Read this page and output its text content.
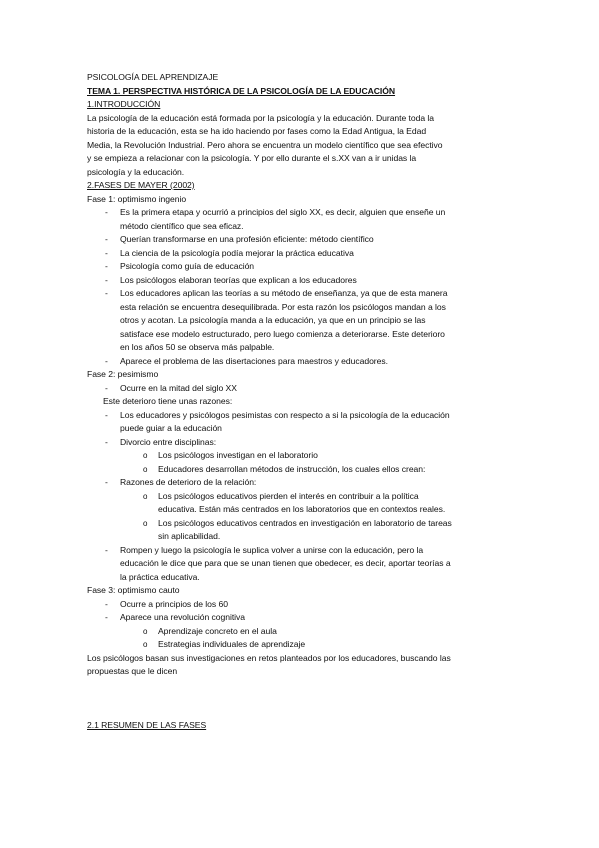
PSICOLOGÍA DEL APRENDIZAJE
TEMA 1. PERSPECTIVA HISTÓRICA DE LA PSICOLOGÍA DE LA EDUCACIÓN
1.INTRODUCCIÓN
La psicología de la educación está formada por la psicología y la educación. Durante toda la
historia de la educación, esta se ha ido haciendo por fases como la Edad Antigua, la Edad
Media, la Revolución Industrial. Pero ahora se encuentra un modelo científico que sea efectivo
y se empieza a relacionar con la psicología. Y por ello durante el s.XX van a ir unidas la
psicología y la educación.
2.FASES DE MAYER (2002)
Fase 1: optimismo ingenio
- Es la primera etapa y ocurrió a principios del siglo XX, es decir, alguien que enseñe un
método científico que sea eficaz.
- Querían transformarse en una profesión eficiente: método científico
- La ciencia de la psicología podía mejorar la práctica educativa
- Psicología como guía de educación
- Los psicólogos elaboran teorías que explican a los educadores
- Los educadores aplican las teorías a su método de enseñanza, ya que de esta manera
esta relación se encuentra desequilibrada. Por esta razón los psicólogos mandan a los
otros y acotan. La psicología manda a la educación, ya que en un principio se las
satisface ese modelo estructurado, pero luego comienza a deteriorarse. Este deterioro
en los años 50 se observa más palpable.
- Aparece el problema de las disertaciones para maestros y educadores.
Fase 2: pesimismo
- Ocurre en la mitad del siglo XX
Este deterioro tiene unas razones:
- Los educadores y psicólogos pesimistas con respecto a si la psicología de la educación
puede guiar a la educación
- Divorcio entre disciplinas:
o Los psicólogos investigan en el laboratorio
o Educadores desarrollan métodos de instrucción, los cuales ellos crean:
- Razones de deterioro de la relación:
o Los psicólogos educativos pierden el interés en contribuir a la política
educativa. Están más centrados en los laboratorios que en contextos reales.
o Los psicólogos educativos centrados en investigación en laboratorio de tareas
sin aplicabilidad.
- Rompen y luego la psicología le suplica volver a unirse con la educación, pero la
educación le dice que para que se unan tienen que obedecer, es decir, aportar teorías a
la práctica educativa.
Fase 3: optimismo cauto
- Ocurre a principios de los 60
- Aparece una revolución cognitiva
o Aprendizaje concreto en el aula
o Estrategias individuales de aprendizaje
Los psicólogos basan sus investigaciones en retos planteados por los educadores, buscando las
propuestas que le dicen
2.1 RESUMEN DE LAS FASES
